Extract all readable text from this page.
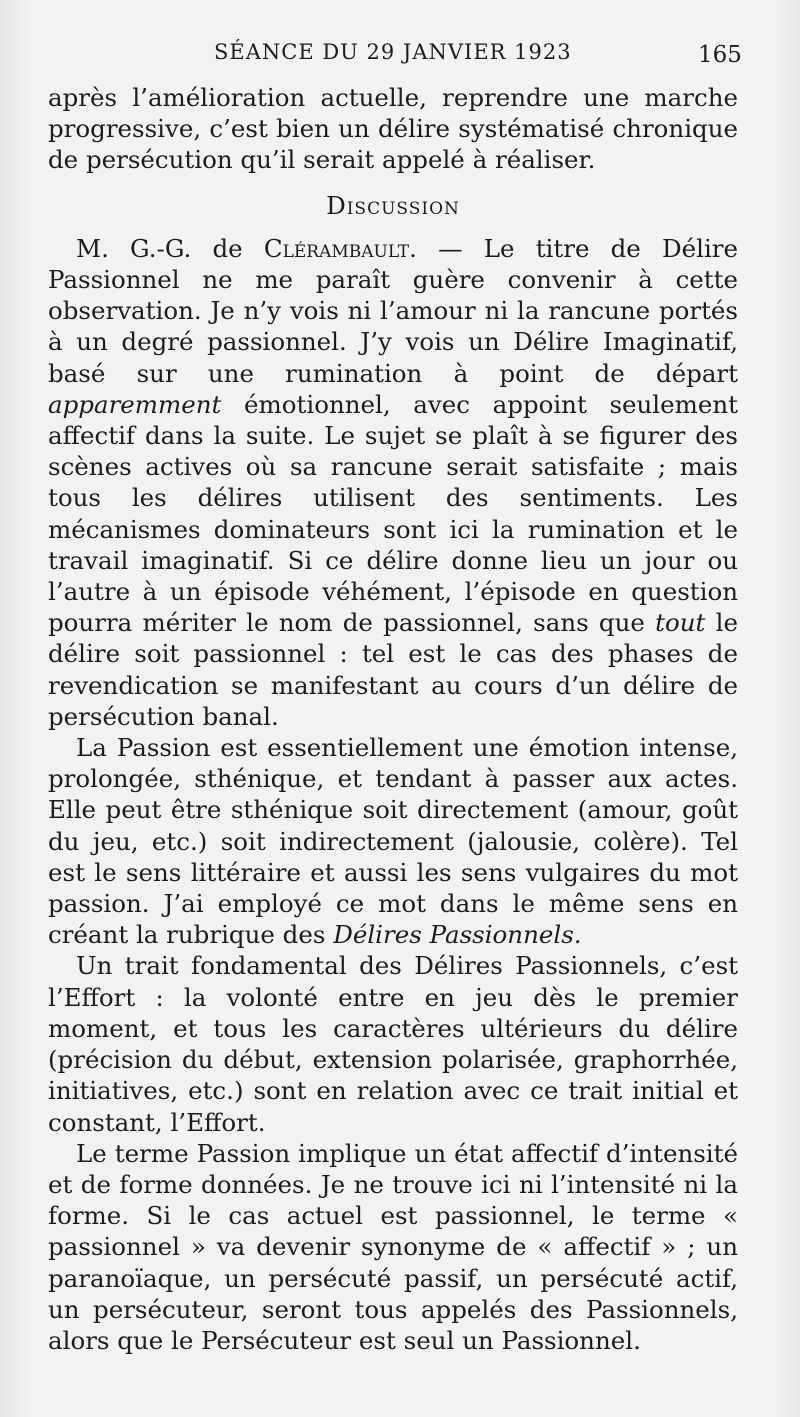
SÉANCE DU 29 JANVIER 1923	165

après l’amélioration actuelle, reprendre une marche progressive, c’est bien un délire systématisé chronique de persécution qu’il serait appelé à réaliser.

Discussion

M. G.-G. de Clérambault. — Le titre de Délire Passionnel ne me paraît guère convenir à cette observation. Je n’y vois ni l’amour ni la rancune portés à un degré passionnel. J’y vois un Délire Imaginatif, basé sur une rumination à point de départ apparemment émotionnel, avec appoint seulement affectif dans la suite. Le sujet se plaît à se figurer des scènes actives où sa rancune serait satisfaite ; mais tous les délires utilisent des sentiments. Les mécanismes dominateurs sont ici la rumination et le travail imaginatif. Si ce délire donne lieu un jour ou l’autre à un épisode véhément, l’épisode en question pourra mériter le nom de passionnel, sans que tout le délire soit passionnel : tel est le cas des phases de revendication se manifestant au cours d’un délire de persécution banal.

La Passion est essentiellement une émotion intense, prolongée, sthénique, et tendant à passer aux actes. Elle peut être sthénique soit directement (amour, goût du jeu, etc.) soit indirectement (jalousie, colère). Tel est le sens littéraire et aussi les sens vulgaires du mot passion. J’ai employé ce mot dans le même sens en créant la rubrique des Délires Passionnels.

Un trait fondamental des Délires Passionnels, c’est l’Effort : la volonté entre en jeu dès le premier moment, et tous les caractères ultérieurs du délire (précision du début, extension polarisée, graphorrhée, initiatives, etc.) sont en relation avec ce trait initial et constant, l’Effort.

Le terme Passion implique un état affectif d’intensité et de forme données. Je ne trouve ici ni l’intensité ni la forme. Si le cas actuel est passionnel, le terme « passionnel » va devenir synonyme de « affectif » ; un paranoïaque, un persécuté passif, un persécuté actif, un persécuteur, seront tous appelés des Passionnels, alors que le Persécuteur est seul un Passionnel.
